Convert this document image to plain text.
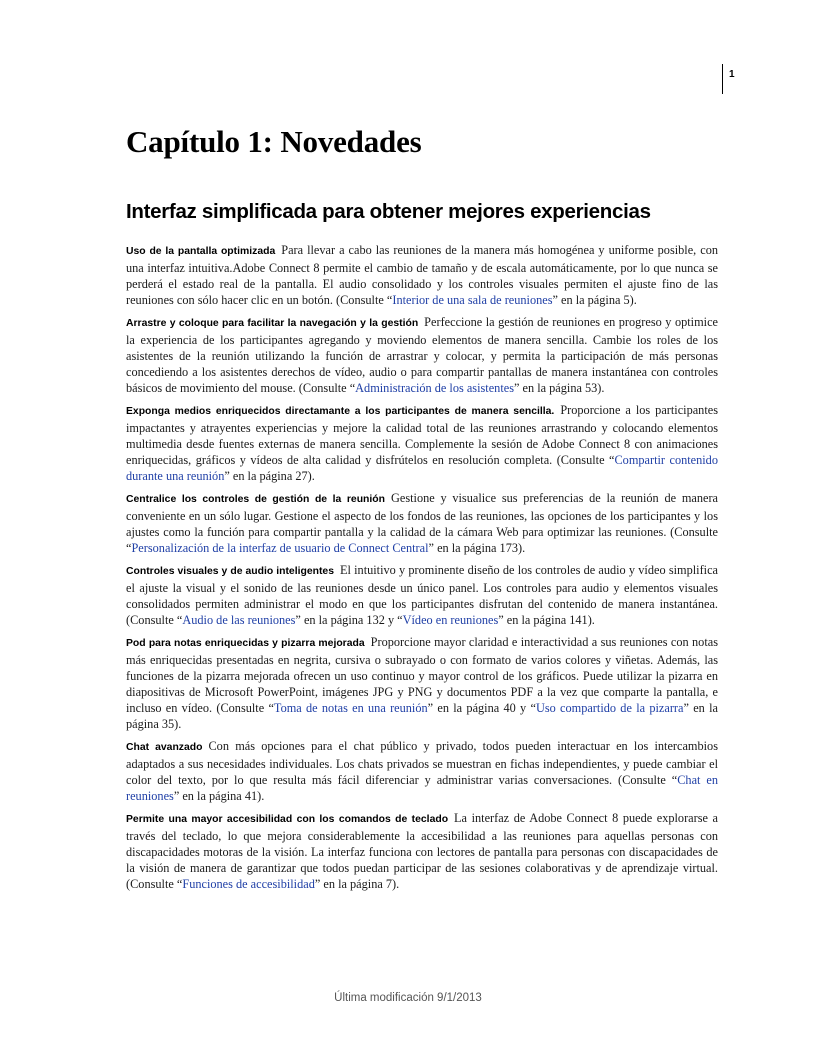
1
Capítulo 1: Novedades
Interfaz simplificada para obtener mejores experiencias

Uso de la pantalla optimizada Para llevar a cabo las reuniones de la manera más homogénea y uniforme posible, con una interfaz intuitiva.Adobe Connect 8 permite el cambio de tamaño y de escala automáticamente, por lo que nunca se perderá el estado real de la pantalla. El audio consolidado y los controles visuales permiten el ajuste fino de las reuniones con sólo hacer clic en un botón. (Consulte “Interior de una sala de reuniones” en la página 5).

Arrastre y coloque para facilitar la navegación y la gestión Perfeccione la gestión de reuniones en progreso y optimice la experiencia de los participantes agregando y moviendo elementos de manera sencilla. Cambie los roles de los asistentes de la reunión utilizando la función de arrastrar y colocar, y permita la participación de más personas concediendo a los asistentes derechos de vídeo, audio o para compartir pantallas de manera instantánea con controles básicos de movimiento del mouse. (Consulte “Administración de los asistentes” en la página 53).

Exponga medios enriquecidos directamante a los participantes de manera sencilla. Proporcione a los participantes impactantes y atrayentes experiencias y mejore la calidad total de las reuniones arrastrando y colocando elementos multimedia desde fuentes externas de manera sencilla. Complemente la sesión de Adobe Connect 8 con animaciones enriquecidas, gráficos y vídeos de alta calidad y disfrútelos en resolución completa. (Consulte “Compartir contenido durante una reunión” en la página 27).

Centralice los controles de gestión de la reunión Gestione y visualice sus preferencias de la reunión de manera conveniente en un sólo lugar. Gestione el aspecto de los fondos de las reuniones, las opciones de los participantes y los ajustes como la función para compartir pantalla y la calidad de la cámara Web para optimizar las reuniones. (Consulte “Personalización de la interfaz de usuario de Connect Central” en la página 173).

Controles visuales y de audio inteligentes El intuitivo y prominente diseño de los controles de audio y vídeo simplifica el ajuste la visual y el sonido de las reuniones desde un único panel. Los controles para audio y elementos visuales consolidados permiten administrar el modo en que los participantes disfrutan del contenido de manera instantánea. (Consulte “Audio de las reuniones” en la página 132 y “Vídeo en reuniones” en la página 141).

Pod para notas enriquecidas y pizarra mejorada Proporcione mayor claridad e interactividad a sus reuniones con notas más enriquecidas presentadas en negrita, cursiva o subrayado o con formato de varios colores y viñetas. Además, las funciones de la pizarra mejorada ofrecen un uso continuo y mayor control de los gráficos. Puede utilizar la pizarra en diapositivas de Microsoft PowerPoint, imágenes JPG y PNG y documentos PDF a la vez que comparte la pantalla, e incluso en vídeo. (Consulte “Toma de notas en una reunión” en la página 40 y “Uso compartido de la pizarra” en la página 35).

Chat avanzado Con más opciones para el chat público y privado, todos pueden interactuar en los intercambios adaptados a sus necesidades individuales. Los chats privados se muestran en fichas independientes, y puede cambiar el color del texto, por lo que resulta más fácil diferenciar y administrar varias conversaciones. (Consulte “Chat en reuniones” en la página 41).

Permite una mayor accesibilidad con los comandos de teclado La interfaz de Adobe Connect 8 puede explorarse a través del teclado, lo que mejora considerablemente la accesibilidad a las reuniones para aquellas personas con discapacidades motoras de la visión. La interfaz funciona con lectores de pantalla para personas con discapacidades de la visión de manera de garantizar que todos puedan participar de las sesiones colaborativas y de aprendizaje virtual. (Consulte “Funciones de accesibilidad” en la página 7).

Última modificación 9/1/2013
